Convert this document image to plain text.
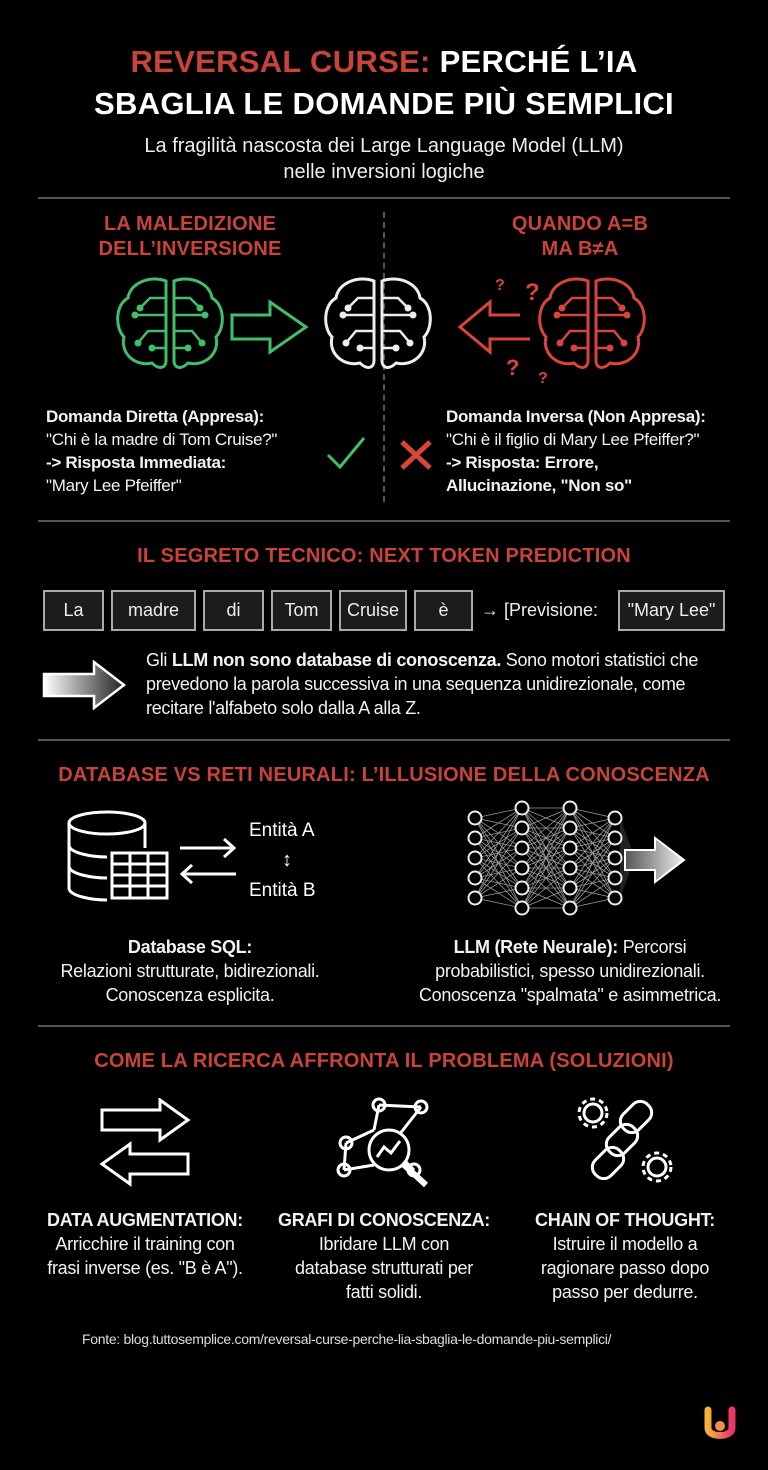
REVERSAL CURSE: PERCHÉ L’IA
SBAGLIA LE DOMANDE PIÙ SEMPLICI
La fragilità nascosta dei Large Language Model (LLM)
nelle inversioni logiche
LA MALEDIZIONE
DELL’INVERSIONE
QUANDO A=B
MA B≠A
? ?
? ?
Domanda Diretta (Appresa):
"Chi è la madre di Tom Cruise?"
-> Risposta Immediata:
"Mary Lee Pfeiffer"
Domanda Inversa (Non Appresa):
"Chi è il figlio di Mary Lee Pfeiffer?"
-> Risposta: Errore,
Allucinazione, "Non so"
IL SEGRETO TECNICO: NEXT TOKEN PREDICTION
La	madre	di	Tom	Cruise	è	→ [Previsione:	"Mary Lee"
Gli LLM non sono database di conoscenza. Sono motori statistici che prevedono la parola successiva in una sequenza unidirezionale, come recitare l'alfabeto solo dalla A alla Z.
DATABASE VS RETI NEURALI: L’ILLUSIONE DELLA CONOSCENZA
Entità A
↕
Entità B
Database SQL:
Relazioni strutturate, bidirezionali.
Conoscenza esplicita.
LLM (Rete Neurale): Percorsi
probabilistici, spesso unidirezionali.
Conoscenza "spalmata" e asimmetrica.
COME LA RICERCA AFFRONTA IL PROBLEMA (SOLUZIONI)
DATA AUGMENTATION:
Arricchire il training con
frasi inverse (es. "B è A").
GRAFI DI CONOSCENZA:
Ibridare LLM con
database strutturati per
fatti solidi.
CHAIN OF THOUGHT:
Istruire il modello a
ragionare passo dopo
passo per dedurre.
Fonte: blog.tuttosemplice.com/reversal-curse-perche-lia-sbaglia-le-domande-piu-semplici/
